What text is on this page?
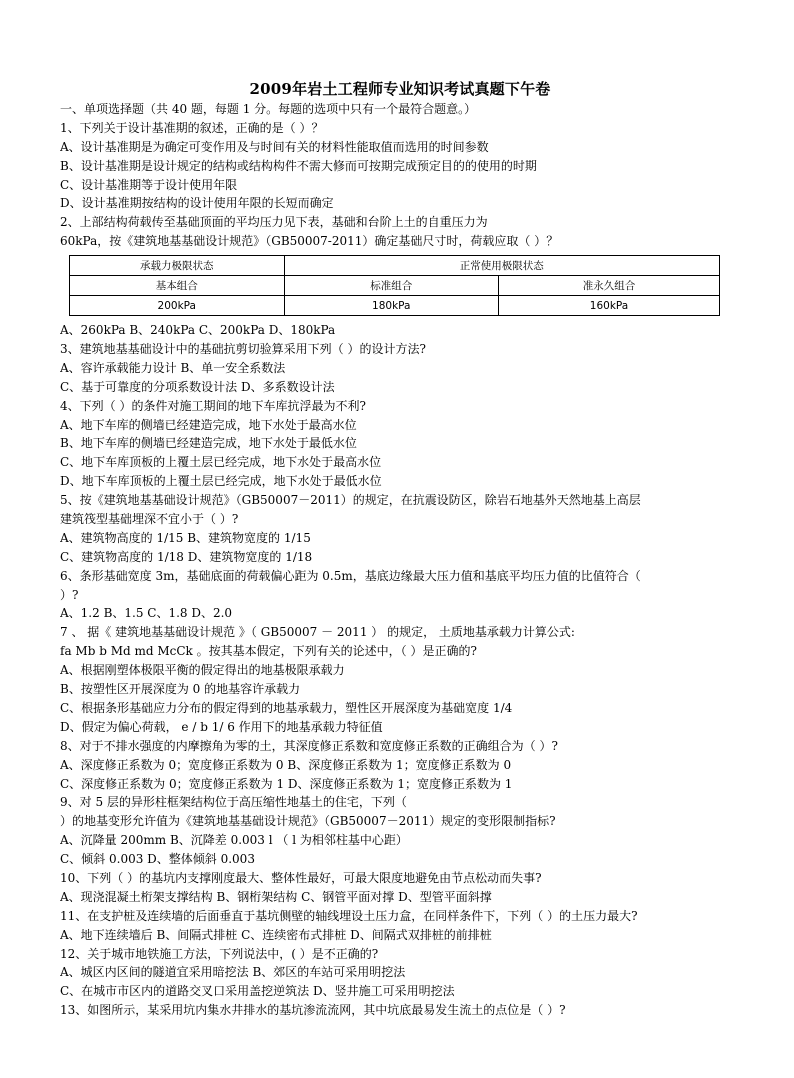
2009年岩土工程师专业知识考试真题下午卷
一、单项选择题（共 40 题，每题 1 分。每题的选项中只有一个最符合题意。）
1、下列关于设计基准期的叙述，正确的是（ ）？
A、设计基准期是为确定可变作用及与时间有关的材料性能取值而选用的时间参数
B、设计基准期是设计规定的结构或结构构件不需大修而可按期完成预定目的的使用的时期
C、设计基准期等于设计使用年限
D、设计基准期按结构的设计使用年限的长短而确定
2、上部结构荷载传至基础顶面的平均压力见下表，基础和台阶上土的自重压力为
60kPa，按《建筑地基基础设计规范》（GB50007-2011）确定基础尺寸时，荷载应取（ ）？
承载力极限状态	正常使用极限状态	
基本组合	标准组合	准永久组合
200kPa	180kPa	160kPa
A、260kPa B、240kPa C、200kPa D、180kPa
3、建筑地基基础设计中的基础抗剪切验算采用下列（ ）的设计方法?
A、容许承载能力设计 B、单一安全系数法
C、基于可靠度的分项系数设计法 D、多系数设计法
4、下列（ ）的条件对施工期间的地下车库抗浮最为不利?
A、地下车库的侧墙已经建造完成，地下水处于最高水位
B、地下车库的侧墙已经建造完成，地下水处于最低水位
C、地下车库顶板的上覆土层已经完成，地下水处于最高水位
D、地下车库顶板的上覆土层已经完成，地下水处于最低水位
5、按《建筑地基基础设计规范》（GB50007－2011）的规定，在抗震设防区，除岩石地基外天然地基上高层
建筑筏型基础埋深不宜小于（ ）?
A、建筑物高度的 1/15 B、建筑物宽度的 1/15
C、建筑物高度的 1/18 D、建筑物宽度的 1/18
6、条形基础宽度 3m，基础底面的荷载偏心距为 0.5m，基底边缘最大压力值和基底平均压力值的比值符合（
）?
A、1.2 B、1.5 C、1.8 D、2.0
7 、 据《 建筑地基基础设计规范 》（ GB50007 － 2011 ） 的规定， 土质地基承载力计算公式:
fa Mb b Md md McCk 。按其基本假定，下列有关的论述中，（ ）是正确的?
A、根据刚塑体极限平衡的假定得出的地基极限承载力
B、按塑性区开展深度为 0 的地基容许承载力
C、根据条形基础应力分布的假定得到的地基承载力，塑性区开展深度为基础宽度 1/4
D、假定为偏心荷载， e / b 1/ 6 作用下的地基承载力特征值
8、对于不排水强度的内摩擦角为零的土，其深度修正系数和宽度修正系数的正确组合为（ ）?
A、深度修正系数为 0；宽度修正系数为 0 B、深度修正系数为 1；宽度修正系数为 0
C、深度修正系数为 0；宽度修正系数为 1 D、深度修正系数为 1；宽度修正系数为 1
9、对 5 层的异形柱框架结构位于高压缩性地基土的住宅，下列（
）的地基变形允许值为《建筑地基基础设计规范》（GB50007－2011）规定的变形限制指标?
A、沉降量 200mm B、沉降差 0.003 l （ l 为相邻柱基中心距）
C、倾斜 0.003 D、整体倾斜 0.003
10、下列（ ）的基坑内支撑刚度最大、整体性最好，可最大限度地避免由节点松动而失事?
A、现浇混凝土桁架支撑结构 B、钢桁架结构 C、钢管平面对撑 D、型管平面斜撑
11、在支护桩及连续墙的后面垂直于基坑侧壁的轴线埋设土压力盒，在同样条件下，下列（ ）的土压力最大?
A、地下连续墙后 B、间隔式排桩 C、连续密布式排桩 D、间隔式双排桩的前排桩
12、关于城市地铁施工方法，下列说法中，( ）是不正确的?
A、城区内区间的隧道宜采用暗挖法 B、郊区的车站可采用明挖法
C、在城市市区内的道路交叉口采用盖挖逆筑法 D、竖井施工可采用明挖法
13、如图所示，某采用坑内集水井排水的基坑渗流流网，其中坑底最易发生流土的点位是（ ）?
